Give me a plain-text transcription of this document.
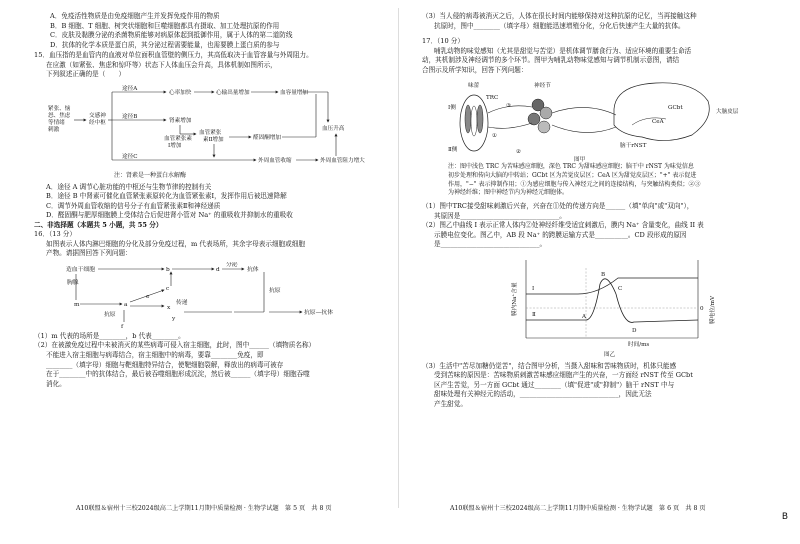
A．免疫活性物质是由免疫细胞产生并发挥免疫作用的物质

B．B 细胞、T 细胞、树突状细胞和巨噬细胞都具有摄取、加工处理抗原的作用

C．皮肤及黏膜分泌的杀菌物质能够对病原体起到抵御作用，属于人体的第二道防线

D．抗体的化学本质是蛋白质，其分泌过程需要能量，也需要膜上蛋白质的参与

15．血压指的是血管内的血液对单位面积血管壁的侧压力，其高低取决于血管容量与外周阻力。

在应激（如紧张、焦虑和惊吓等）状态下人体血压会升高，具体机制如图所示，

下列叙述正确的是（　　）

紧张、恼
怒、焦虑
等情绪
刺激
交感神
经中枢
途径A
途径B
途径C
心率加快	心输出量增加	血容量增加
肾素增加
血管紧张素
Ⅰ增加
血管紧张
素Ⅱ增加	醛固酮增加
外周血管收缩	外周血管阻力增大
血压升高

注：肾素是一种蛋白水解酶

A．途径 A 调节心脏功能的中枢还与生物节律的控制有关

B．途径 B 中肾素可催化血管紧张素原转化为血管紧张素Ⅰ，发挥作用后被迅速降解

C．调节外周血管收缩的信号分子有血管紧张素Ⅱ和神经递质

D．醛固酮与肥厚细胞膜上受体结合后促进肾小管对 Na⁺ 的重吸收并抑制水的重吸收

二、非选择题（本题共 5 小题，共 55 分）

16．（13 分）

如图表示人体内淋巴细胞的分化及部分免疫过程，m 代表场所，其余字母表示细胞或细胞

产物。请据图回答下列问题：

造血干细胞	b	d
分泌
抗体
胸腺
m	a
c
e
传递
x
抗原
f
y
抗原
抗原—抗体

（1）m 代表的场所是________，b 代表________。

（2）在被激免疫过程中未被消灭的某些病毒可侵入宿主细胞，此时，图中______（填物质名称）

不能进入宿主细胞与病毒结合，宿主细胞中的病毒，要靠________免疫，即

________（填字母）细胞与靶细胞特异结合，使靶细胞裂解，释放出的病毒可被存

在于________中的抗体结合，最后被吞噬细胞形成沉淀，然后被______（填字母）细胞吞噬

消化。

A10联盟＆宿州十三校2024级高二上学期11月期中质量检测 · 生物学试题　第 5 页　共 8 页

（3）当人侵的病毒被消灭之后，人体在很长时间内能够保持对这种抗原的记忆，当再接触这种

抗原时，图中________（填字母）细胞能迅速增殖分化，分化后快速产生大量的抗体。

17．（10 分）

哺乳动物的味觉感知（尤其是甜觉与苦觉）是机体调节膳食行为、适应环境的重要生命活

动，其机制涉及神经调节的多个环节。图甲为哺乳动物味觉感知与调节机制示意图，请结

合图示及所学知识，回答下列问题：

Ⅰ侧
Ⅱ侧
味蕾
TRC
神经节
①
②
③	GCbt
CeA
大脑皮层
脑干rNST
图甲

注：图中浅色 TRC 为苦味感应细胞，深色 TRC 为甜味感应细胞；脑干中 rNST 为味觉信息

初步处理和传向大脑的中转站；GCbt 区为苦觉皮层区；CeA 区为甜觉皮层区；"+" 表示促进

作用，"−" 表示抑制作用；①为感应细胞与传入神经元之间的连接结构，与突触结构类似；②③

为神经纤维；图中神经节内为神经元细胞体。

（1）图中TRC接受甜味刺激后兴奋，兴奋在①处的传递方向是______（填"单向"或"双向"），

其原因是______________________________。

（2）图乙中曲线 I 表示正常人体内②处神经纤维受适宜刺激后，膜内 Na⁺ 含量变化，曲线 II 表

示膜电位变化。图乙中，AB 段 Na⁺ 的跨膜运输方式是__________。CD 段形成的原因

是______________________________。

膜内Na⁺含量	膜电位/mV
0
Ⅰ
Ⅱ	A
B
C
D
时间/ms
图乙

（3）生活中"苦尽加糖仍觉苦"，结合图甲分析，当摄入甜味和苦味物质时，机体只能感

受到苦味的原因是：苦味物质刺激苦味感应细胞产生的兴奋，一方面经 rNST 传至 GCbt

区产生苦觉，另一方面 GCbt 通过________（填"促进"或"抑制"）脑干 rNST 中与

甜味处理有关神经元的活动，______________________________，因此无法

产生甜觉。

A10联盟＆宿州十三校2024级高二上学期11月期中质量检测 · 生物学试题　第 6 页　共 8 页

B
